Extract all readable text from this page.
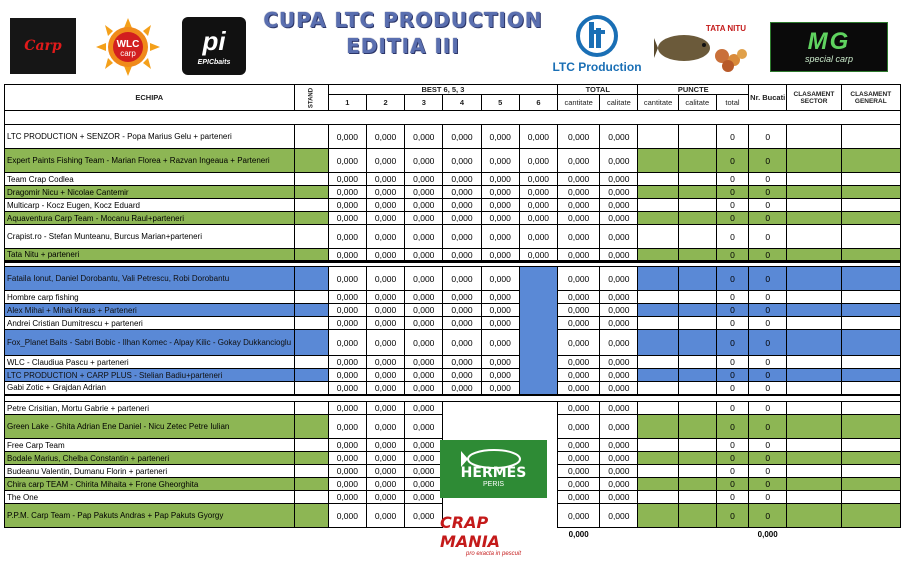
Carp	WLC
carp	pi
EPICbaits
CUPA LTC PRODUCTION
EDITIA III
LTC Production
TATA NITU	MG
special carp
ECHIPA	STAND	BEST 6, 5, 3						TOTAL		PUNCTE			Nr. Bucati	CLASAMENT SECTOR	CLASAMENT GENERAL
		1	2	3	4	5	6	cantitate	calitate	cantitate	calitate	total			

LTC PRODUCTION + SENZOR - Popa Marius Gelu + parteneri		0,000	0,000	0,000	0,000	0,000	0,000	0,000	0,000			0	0		
Expert Paints Fishing Team - Marian Florea + Razvan Ingeaua + Parteneri		0,000	0,000	0,000	0,000	0,000	0,000	0,000	0,000			0	0		
Team Crap Codlea		0,000	0,000	0,000	0,000	0,000	0,000	0,000	0,000			0	0		
Dragomir Nicu + Nicolae Cantemir		0,000	0,000	0,000	0,000	0,000	0,000	0,000	0,000			0	0		
Multicarp - Kocz Eugen, Kocz Eduard		0,000	0,000	0,000	0,000	0,000	0,000	0,000	0,000			0	0		
Aquaventura Carp Team - Mocanu Raul+parteneri		0,000	0,000	0,000	0,000	0,000	0,000	0,000	0,000			0	0		
Crapist.ro - Stefan Munteanu, Burcus Marian+parteneri		0,000	0,000	0,000	0,000	0,000	0,000	0,000	0,000			0	0		
Tata Nitu + parteneri		0,000	0,000	0,000	0,000	0,000	0,000	0,000	0,000			0	0		

Fataila Ionut, Daniel Dorobantu, Vali Petrescu, Robi Dorobantu		0,000	0,000	0,000	0,000	0,000		0,000	0,000			0	0		
Hombre carp fishing		0,000	0,000	0,000	0,000	0,000		0,000	0,000			0	0		
Alex Mihai + Mihai Kraus + Parteneri		0,000	0,000	0,000	0,000	0,000		0,000	0,000			0	0		
Andrei Cristian Dumitrescu + parteneri		0,000	0,000	0,000	0,000	0,000		0,000	0,000			0	0		
Fox_Planet Baits - Sabri Bobic - Ilhan Komec - Alpay Kilic - Gokay Dukkancioglu		0,000	0,000	0,000	0,000	0,000		0,000	0,000			0	0		
WLC - Claudiua Pascu + parteneri		0,000	0,000	0,000	0,000	0,000		0,000	0,000			0	0		
LTC PRODUCTION + CARP PLUS - Stelian Badiu+parteneri		0,000	0,000	0,000	0,000	0,000		0,000	0,000			0	0		
Gabi Zotic + Grajdan Adrian		0,000	0,000	0,000	0,000	0,000		0,000	0,000			0	0		

Petre Crisitian, Mortu Gabrie + parteneri		0,000	0,000	0,000				0,000	0,000			0	0		
Green Lake - Ghita Adrian Ene Daniel - Nicu Zetec Petre Iulian		0,000	0,000	0,000				0,000	0,000			0	0		
Free Carp Team		0,000	0,000	0,000				0,000	0,000			0	0		
Bodale Marius, Chelba Constantin + parteneri		0,000	0,000	0,000				0,000	0,000			0	0		
Budeanu Valentin, Dumanu Florin + parteneri		0,000	0,000	0,000				0,000	0,000			0	0		
Chira carp TEAM - Chirita Mihaita + Frone Gheorghita		0,000	0,000	0,000				0,000	0,000			0	0		
The One		0,000	0,000	0,000				0,000	0,000			0	0		
P.P.M. Carp Team - Pap Pakuts Andras + Pap Pakuts Gyorgy		0,000	0,000	0,000				0,000	0,000			0	0		
								0,000					0,000		
HERMES
PERIS
CRAP MANIA
pro exacta in pescuit
